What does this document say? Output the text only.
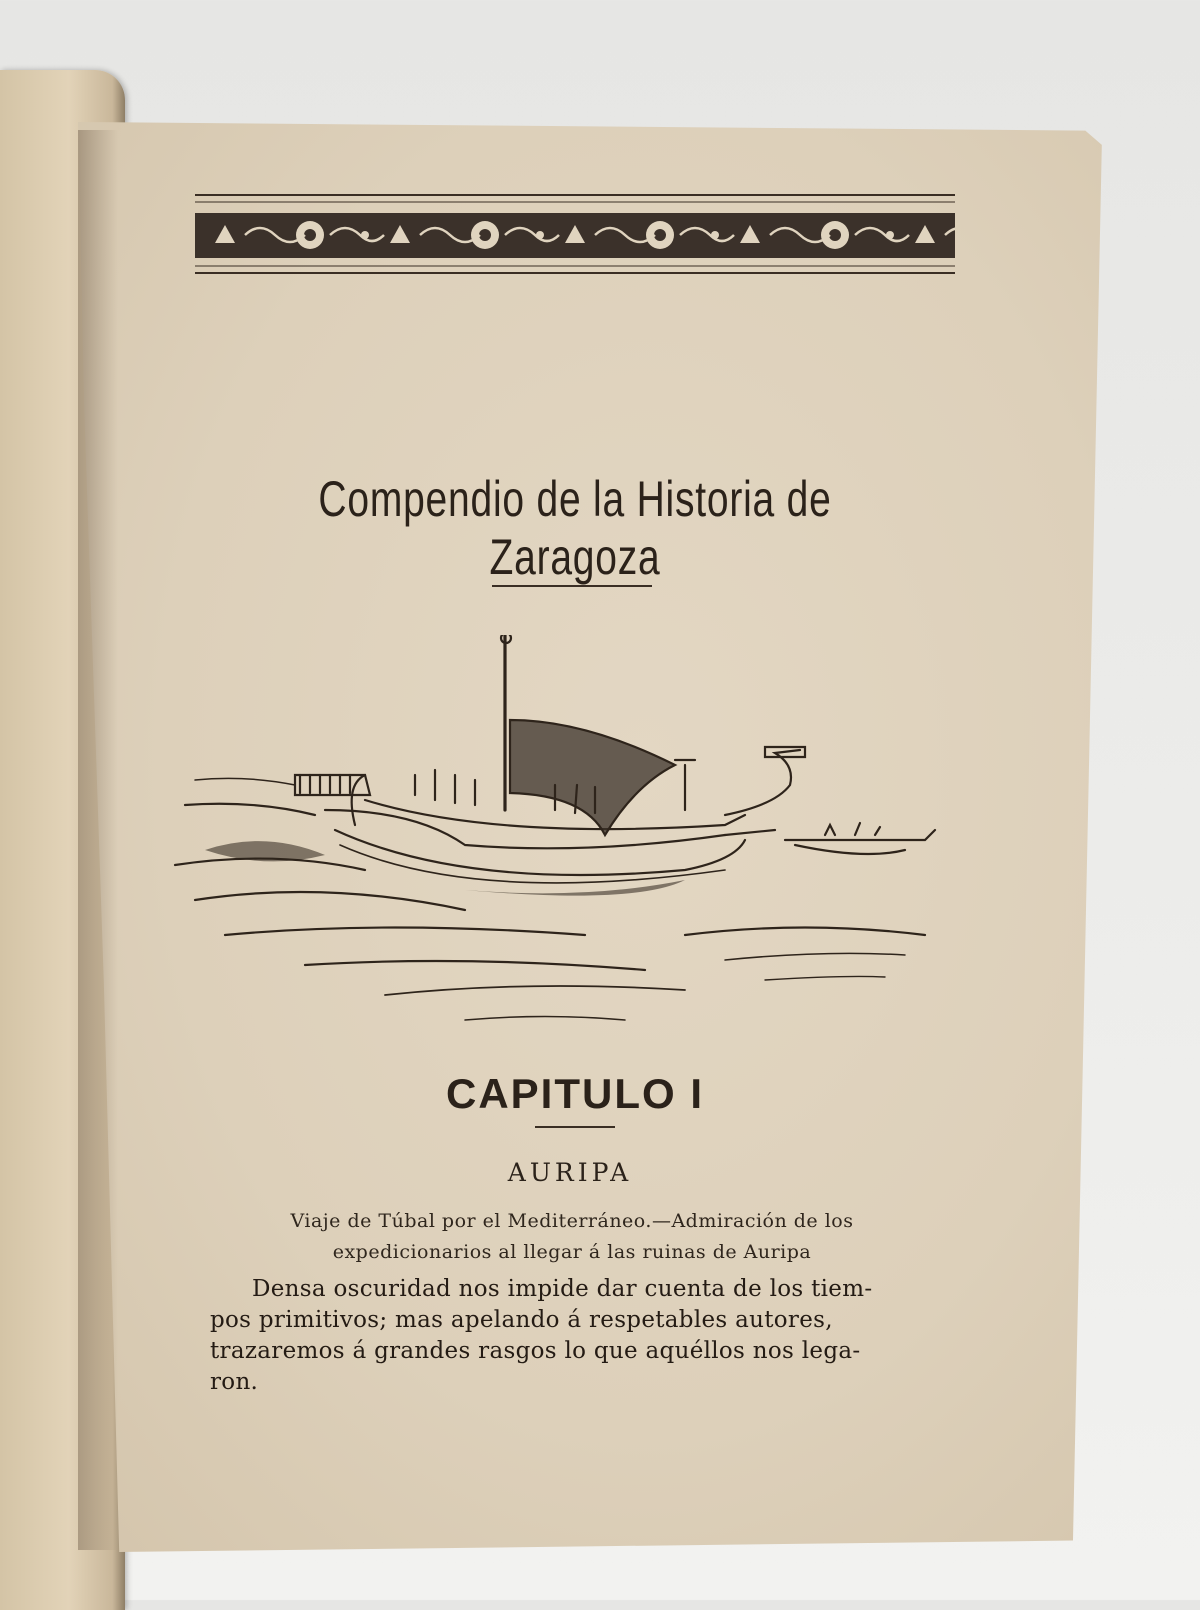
Compendio de la Historia de Zaragoza
CAPITULO I
AURIPA
Viaje de Túbal por el Mediterráneo.—Admiración de los
expedicionarios al llegar á las ruinas de Auripa
Densa oscuridad nos impide dar cuenta de los tiem-
pos primitivos; mas apelando á respetables autores,
trazaremos á grandes rasgos lo que aquéllos nos lega-
ron.
